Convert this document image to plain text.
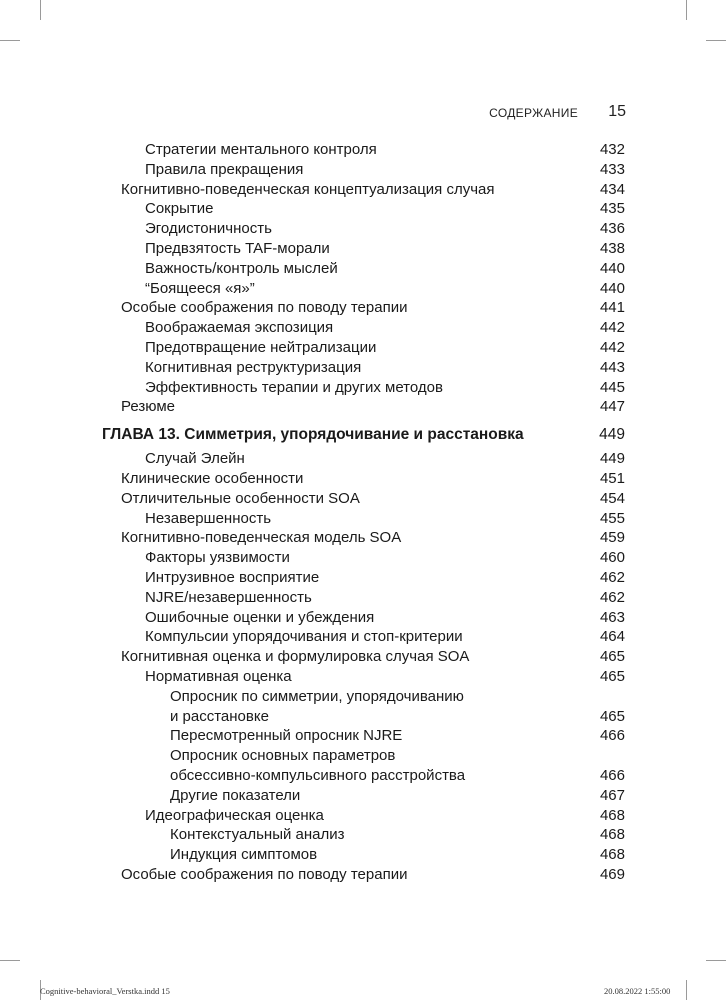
СОДЕРЖАНИЕ 15
Стратегии ментального контроля	432
Правила прекращения	433
Когнитивно-поведенческая концептуализация случая	434
Сокрытие	435
Эгодистоничность	436
Предвзятость TAF-морали	438
Важность/контроль мыслей	440
“Боящееся «я»”	440
Особые соображения по поводу терапии	441
Воображаемая экспозиция	442
Предотвращение нейтрализации	442
Когнитивная реструктуризация	443
Эффективность терапии и других методов	445
Резюме	447
ГЛАВА 13. Симметрия, упорядочивание и расстановка	449
Случай Элейн	449
Клинические особенности	451
Отличительные особенности SOA	454
Незавершенность	455
Когнитивно-поведенческая модель SOA	459
Факторы уязвимости	460
Интрузивное восприятие	462
NJRE/незавершенность	462
Ошибочные оценки и убеждения	463
Компульсии упорядочивания и стоп-критерии	464
Когнитивная оценка и формулировка случая SOA	465
Нормативная оценка	465
Опросник по симметрии, упорядочиванию
и расстановке	465
Пересмотренный опросник NJRE	466
Опросник основных параметров
обсессивно-компульсивного расстройства	466
Другие показатели	467
Идеографическая оценка	468
Контекстуальный анализ	468
Индукция симптомов	468
Особые соображения по поводу терапии	469
Cognitive-behavioral_Verstka.indd 15	20.08.2022 1:55:00
